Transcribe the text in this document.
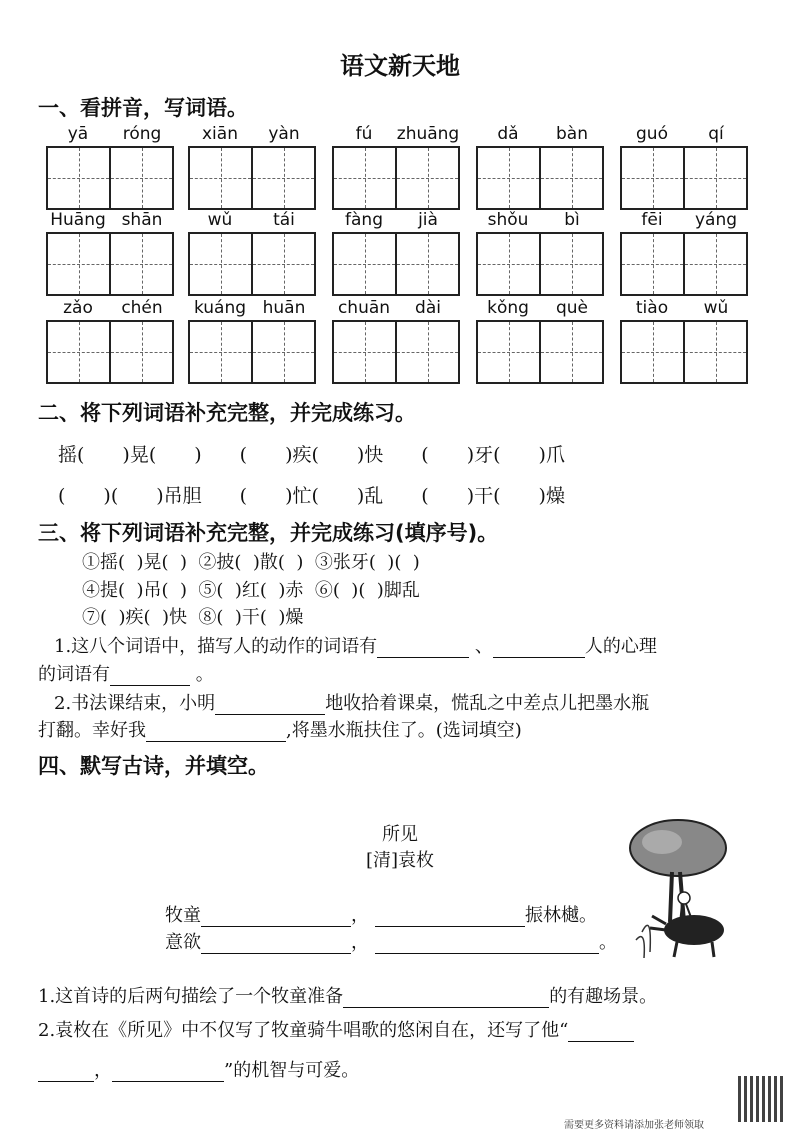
语文新天地
一、看拼音，写词语。
yā	róng	xiān	yàn	fú	zhuāng	dǎ	bàn	guó	qí
Huāng shān	wǔ	tái	fàng	jià	shǒu	bì	fēi	yáng
zǎo	chén	kuáng huān	chuān	dài	kǒng	què	tiào	wǔ
二、将下列词语补充完整，并完成练习。
摇(　　)晃(　　)　　(　　)疾(　　)快　　(　　)牙(　　)爪
(　　)(　　)吊胆　　(　　)忙(　　)乱　　(　　)干(　　)燥
三、将下列词语补充完整，并完成练习(填序号)。
①摇(  )晃(  )  ②披(  )散(  )  ③张牙(  )(  )
④提(  )吊(  )  ⑤(  )红(  )赤  ⑥(  )(  )脚乱
⑦(  )疾(  )快  ⑧(  )干(  )燥
1.这八个词语中，描写人的动作的词语有	、	人的心理
的词语有	。
2.书法课结束，小明	地收拾着课桌，慌乱之中差点儿把墨水瓶
打翻。幸好我	,将墨水瓶扶住了。(选词填空)
四、默写古诗，并填空。
所见
[清]袁枚
牧童	，	振林樾。
意欲	，	。
1.这首诗的后两句描绘了一个牧童准备	的有趣场景。
2.袁枚在《所见》中不仅写了牧童骑牛唱歌的悠闲自在，还写了他“
，	”的机智与可爱。
需要更多资料请添加张老师领取
